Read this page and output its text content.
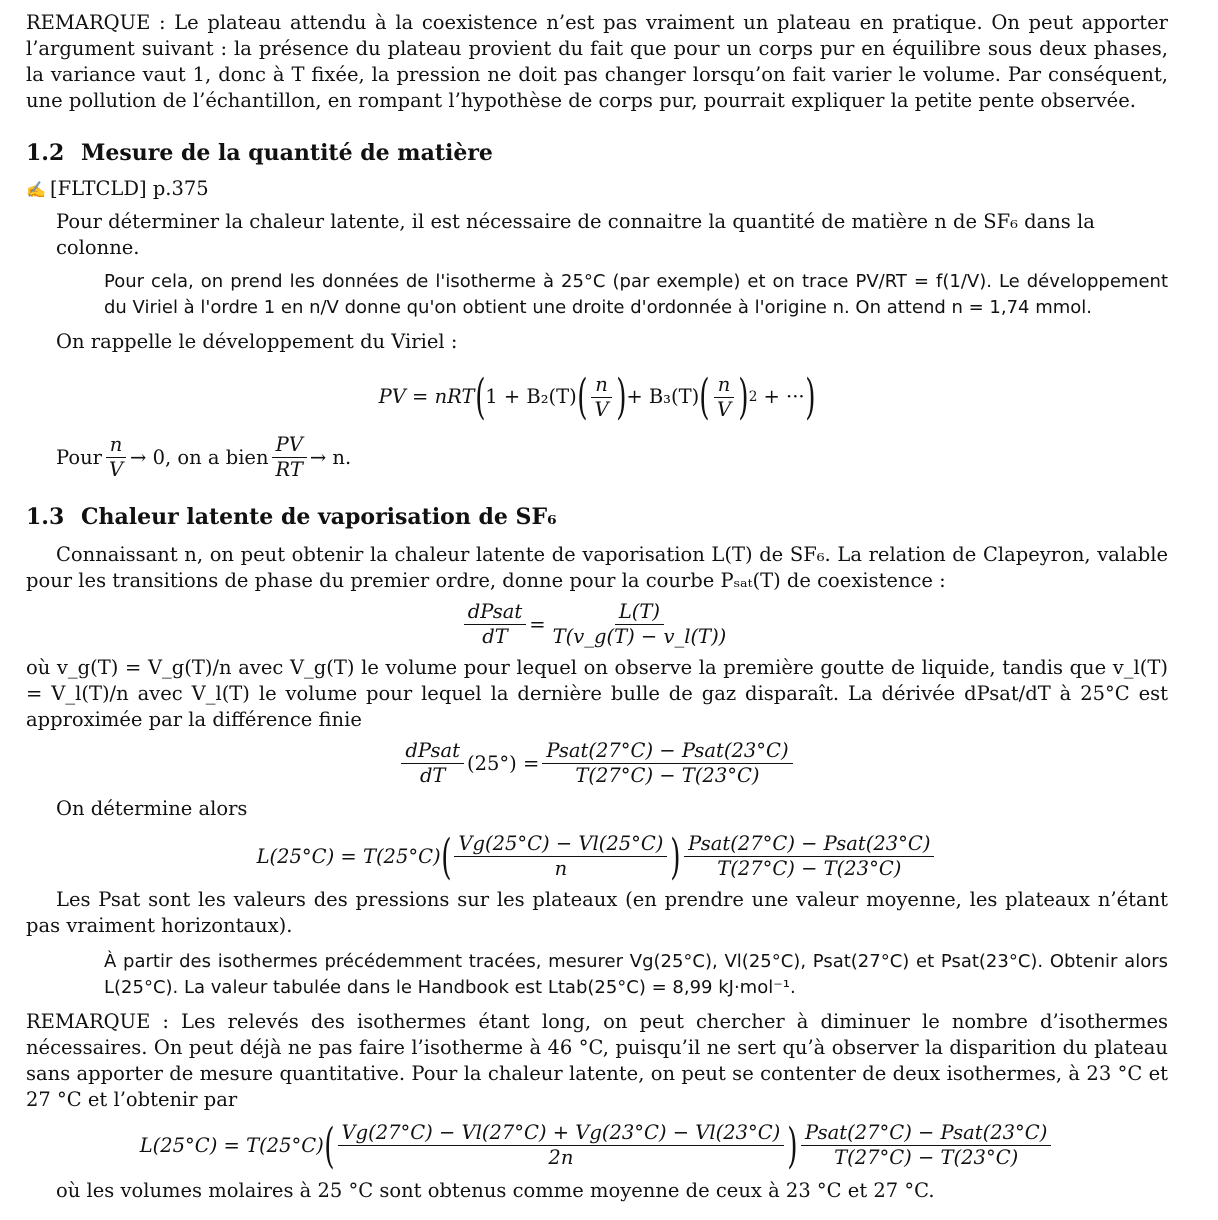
REMARQUE : Le plateau attendu à la coexistence n’est pas vraiment un plateau en pratique. On peut apporter l’argument suivant : la présence du plateau provient du fait que pour un corps pur en équilibre sous deux phases, la variance vaut 1, donc à T fixée, la pression ne doit pas changer lorsqu’on fait varier le volume. Par conséquent, une pollution de l’échantillon, en rompant l’hypothèse de corps pur, pourrait expliquer la petite pente observée.

1.2 Mesure de la quantité de matière

✍ [FLTCLD] p.375

Pour déterminer la chaleur latente, il est nécessaire de connaitre la quantité de matière n de SF₆ dans la colonne.

Pour cela, on prend les données de l'isotherme à 25°C (par exemple) et on trace PV/RT = f(1/V). Le développement du Viriel à l'ordre 1 en n/V donne qu'on obtient une droite d'ordonnée à l'origine n. On attend n = 1,74 mmol.

On rappelle le développement du Viriel :

PV = nRT ( 1 + B₂(T) ( $\frac{n}{V}$ ) + B₃(T) ( $\frac{n}{V}$ ) 2 + ··· )
Pour $\frac{n}{V} \to 0$, on a bien $\frac{PV}{RT} \to n$.
1.3 Chaleur latente de vaporisation de SF₆

Connaissant n, on peut obtenir la chaleur latente de vaporisation L(T) de SF₆. La relation de Clapeyron, valable pour les transitions de phase du premier ordre, donne pour la courbe Pₛₐₜ(T) de coexistence :

$\frac{\text{dPsat}}{dT} = \frac{L(T)}{T(v\_g(T) - v\_l(T))}$

où v_g(T) = V_g(T)/n avec V_g(T) le volume pour lequel on observe la première goutte de liquide, tandis que v_l(T) = V_l(T)/n avec V_l(T) le volume pour lequel la dernière bulle de gaz disparaît. La dérivée dPsat/dT à 25°C est approximée par la différence finie

$\frac{\text{dPsat}}{dT} (25^\circ) = \frac{\text{Psat(27°C) − Psat(23°C)}}{T(27^\circ C) - T(23^\circ C)}$

On détermine alors

L(25°C) = T(25°C) ( $\frac{Vg(25^\circ C) - Vl(25^\circ C)}{n}$ ) $\frac{\text{Psat(27°C) − Psat(23°C)}}{T(27^\circ C) - T(23^\circ C)}$

Les Psat sont les valeurs des pressions sur les plateaux (en prendre une valeur moyenne, les plateaux n’étant pas vraiment horizontaux).

À partir des isothermes précédemment tracées, mesurer Vg(25°C), Vl(25°C), Psat(27°C) et Psat(23°C). Obtenir alors L(25°C). La valeur tabulée dans le Handbook est Ltab(25°C) = 8,99 kJ·mol⁻¹.

REMARQUE : Les relevés des isothermes étant long, on peut chercher à diminuer le nombre d’isothermes nécessaires. On peut déjà ne pas faire l’isotherme à 46 °C, puisqu’il ne sert qu’à observer la disparition du plateau sans apporter de mesure quantitative. Pour la chaleur latente, on peut se contenter de deux isothermes, à 23 °C et 27 °C et l’obtenir par

L(25°C) = T(25°C) ( $\frac{Vg(27^\circ C) - Vl(27^\circ C) + Vg(23^\circ C) - Vl(23^\circ C)}{2n}$ ) $\frac{\text{Psat(27°C) − Psat(23°C)}}{T(27^\circ C) - T(23^\circ C)}$

où les volumes molaires à 25 °C sont obtenus comme moyenne de ceux à 23 °C et 27 °C.
